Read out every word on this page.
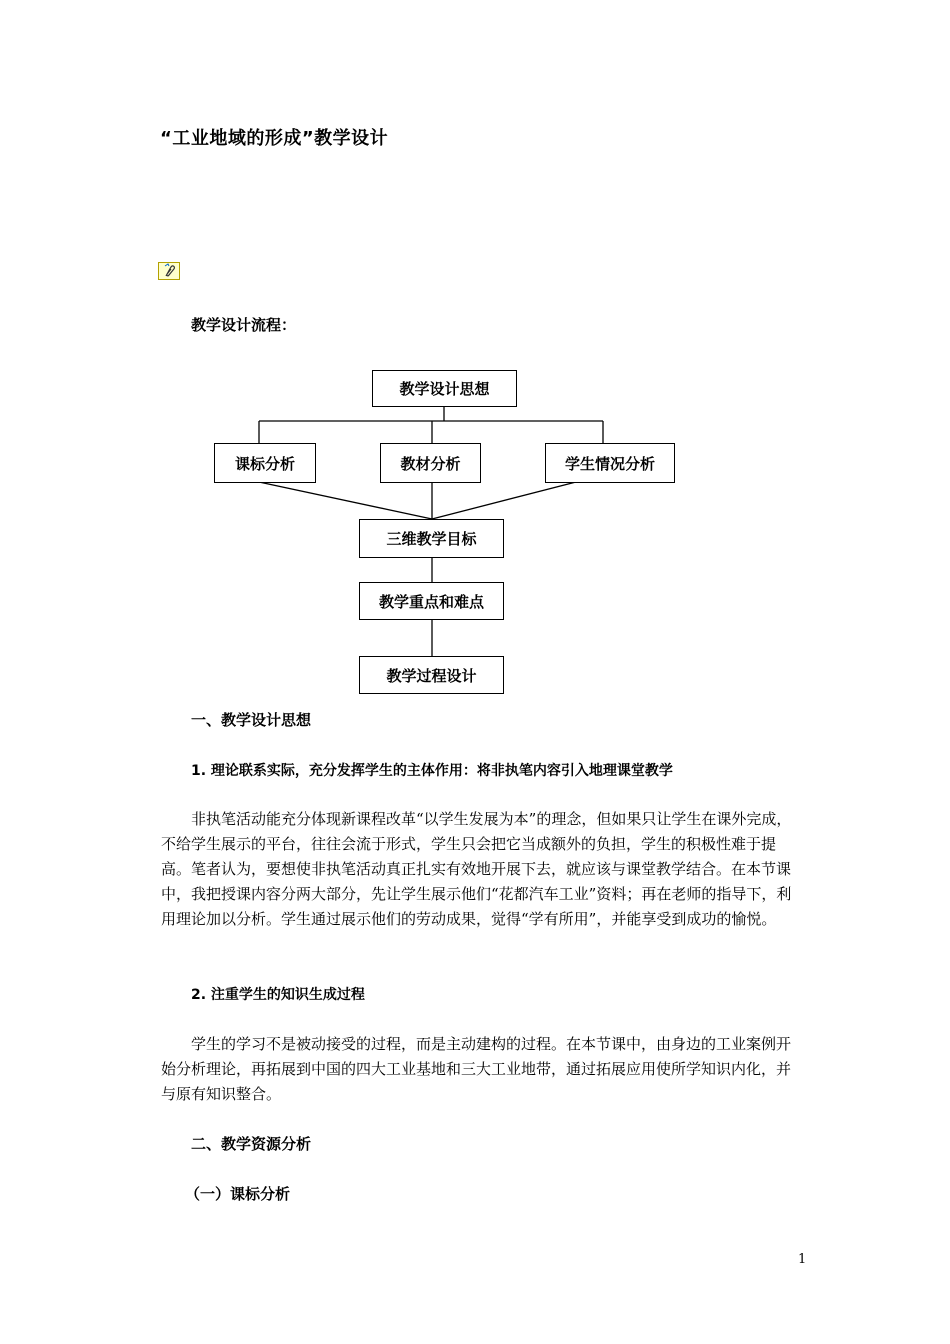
“工业地域的形成”教学设计
教学设计流程：
教学设计思想
课标分析	教材分析	学生情况分析
三维教学目标
教学重点和难点
教学过程设计
一、教学设计思想
1. 理论联系实际，充分发挥学生的主体作用：将非执笔内容引入地理课堂教学

非执笔活动能充分体现新课程改革“以学生发展为本”的理念，但如果只让学生在课外完成，不给学生展示的平台，往往会流于形式，学生只会把它当成额外的负担，学生的积极性难于提高。笔者认为，要想使非执笔活动真正扎实有效地开展下去，就应该与课堂教学结合。在本节课中，我把授课内容分两大部分，先让学生展示他们“花都汽车工业”资料；再在老师的指导下，利用理论加以分析。学生通过展示他们的劳动成果，觉得“学有所用”，并能享受到成功的愉悦。

2. 注重学生的知识生成过程

学生的学习不是被动接受的过程，而是主动建构的过程。在本节课中，由身边的工业案例开始分析理论，再拓展到中国的四大工业基地和三大工业地带，通过拓展应用使所学知识内化，并与原有知识整合。

二、教学资源分析
（一）课标分析
1
